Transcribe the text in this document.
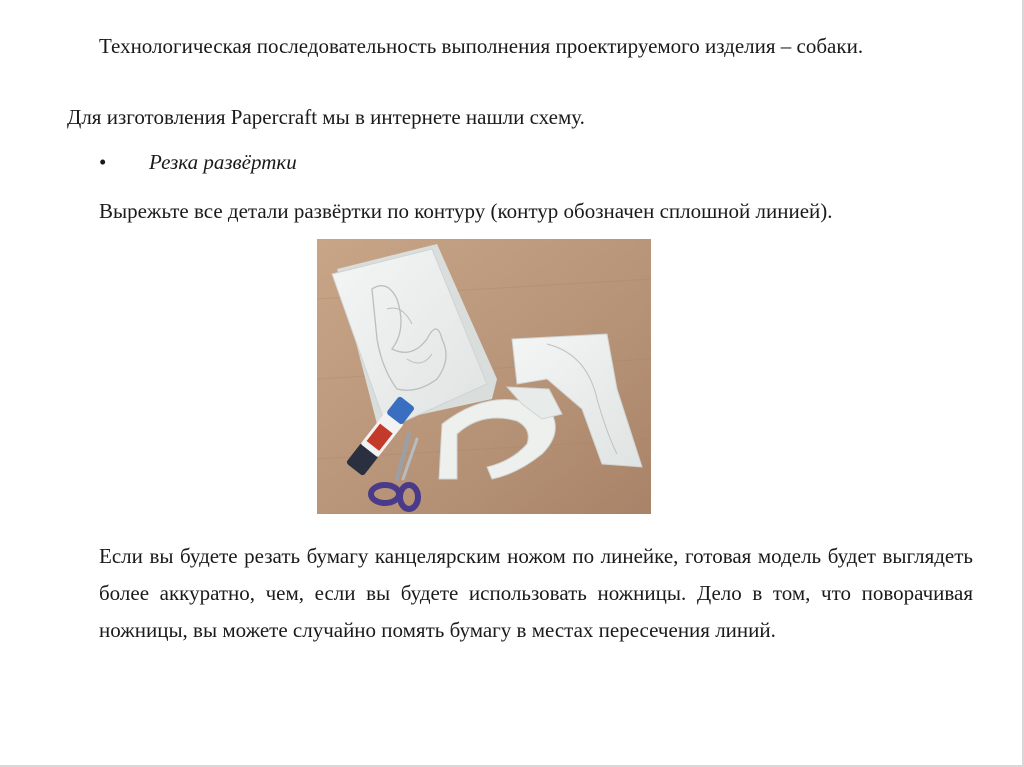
Технологическая последовательность выполнения проектируемого изделия – собаки.

Для изготовления Papercraft мы в интернете нашли схему.

• Резка развёртки

Вырежьте все детали развёртки по контуру (контур обозначен сплошной линией).

Если вы будете резать бумагу канцелярским ножом по линейке, готовая модель будет выглядеть более аккуратно, чем, если вы будете использовать ножницы. Дело в том, что поворачивая ножницы, вы можете случайно помять бумагу в местах пересечения линий.
